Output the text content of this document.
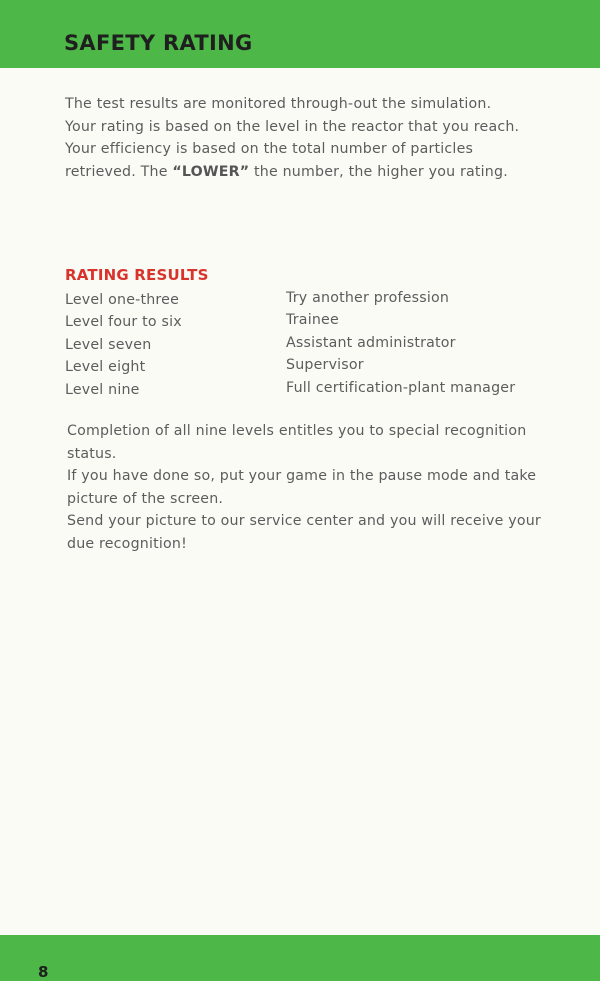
SAFETY RATING

The test results are monitored through-out the simulation.

Your rating is based on the level in the reactor that you reach.

Your efficiency is based on the total number of particles retrieved. The “LOWER” the number, the higher you rating.

RATING RESULTS
Level one-three	Try another profession
Level four to six	Trainee
Level seven	Assistant administrator
Level eight	Supervisor
Level nine	Full certification-plant manager

Completion of all nine levels entitles you to special recognition status.

If you have done so, put your game in the pause mode and take picture of the screen.

Send your picture to our service center and you will receive your due recognition!

8
